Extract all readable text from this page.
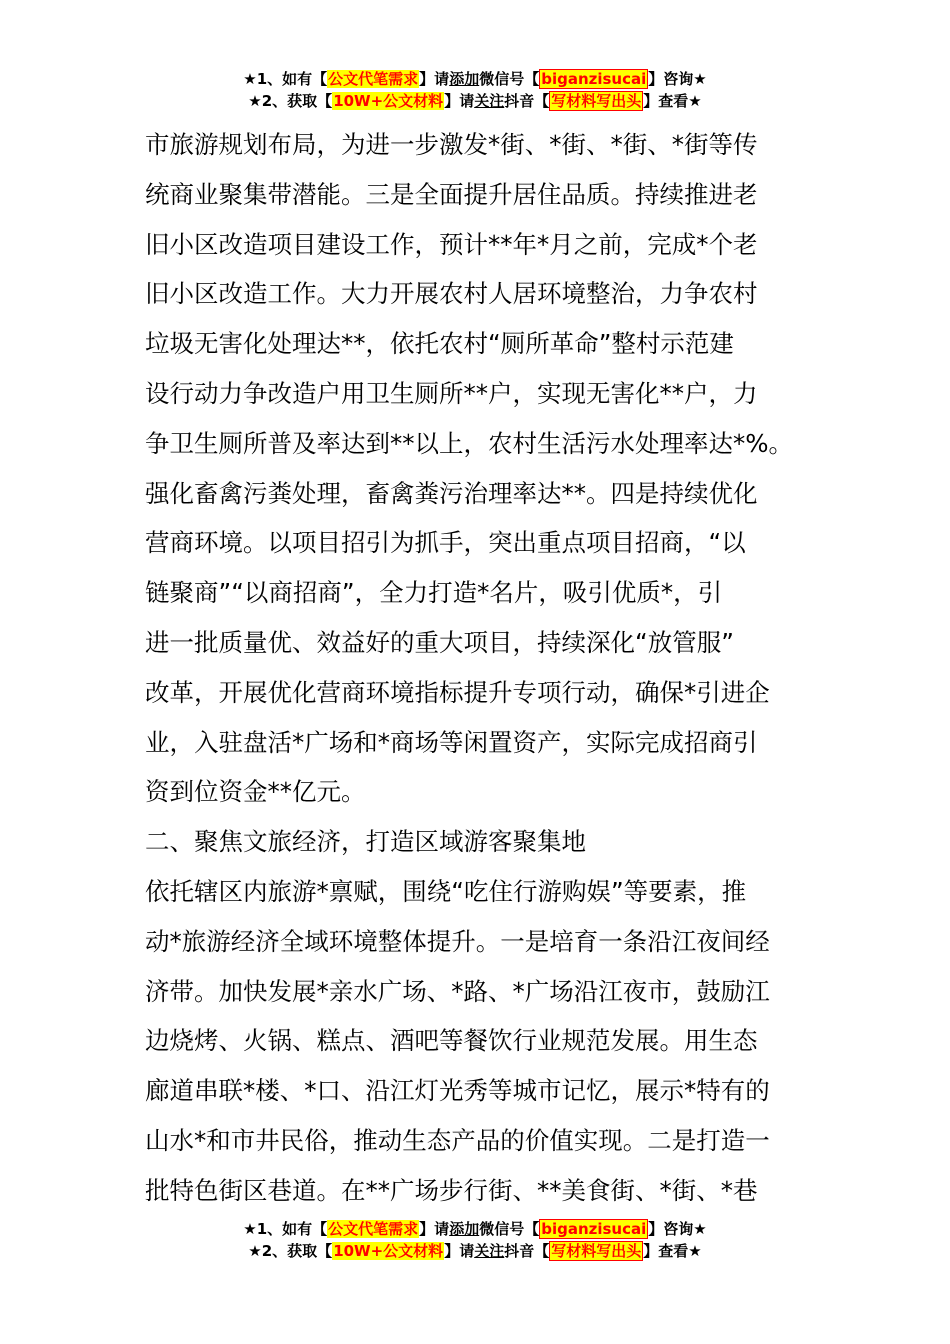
★1、如有【公文代笔需求】请添加微信号【 biganzisucai 】咨询★
★2、获取【10W+公文材料】请关注抖音【 写材料写出头 】查看★
市旅游规划布局，为进一步激发*街、*街、*街、*街等传
统商业聚集带潜能。三是全面提升居住品质。持续推进老
旧小区改造项目建设工作，预计**年*月之前，完成*个老
旧小区改造工作。大力开展农村人居环境整治，力争农村
垃圾无害化处理达**，依托农村“厕所革命”整村示范建
设行动力争改造户用卫生厕所**户，实现无害化**户，力
争卫生厕所普及率达到**以上，农村生活污水处理率达*%。
强化畜禽污粪处理，畜禽粪污治理率达**。四是持续优化
营商环境。以项目招引为抓手，突出重点项目招商，“以
链聚商”“以商招商”，全力打造*名片，吸引优质*，引
进一批质量优、效益好的重大项目，持续深化“放管服”
改革，开展优化营商环境指标提升专项行动，确保*引进企
业，入驻盘活*广场和*商场等闲置资产，实际完成招商引
资到位资金**亿元。
二、聚焦文旅经济，打造区域游客聚集地
依托辖区内旅游*禀赋，围绕“吃住行游购娱”等要素，推
动*旅游经济全域环境整体提升。一是培育一条沿江夜间经
济带。加快发展*亲水广场、*路、*广场沿江夜市，鼓励江
边烧烤、火锅、糕点、酒吧等餐饮行业规范发展。用生态
廊道串联*楼、*口、沿江灯光秀等城市记忆，展示*特有的
山水*和市井民俗，推动生态产品的价值实现。二是打造一
批特色街区巷道。在**广场步行街、**美食街、*街、*巷
★1、如有【公文代笔需求】请添加微信号【 biganzisucai 】咨询★
★2、获取【10W+公文材料】请关注抖音【 写材料写出头 】查看★
